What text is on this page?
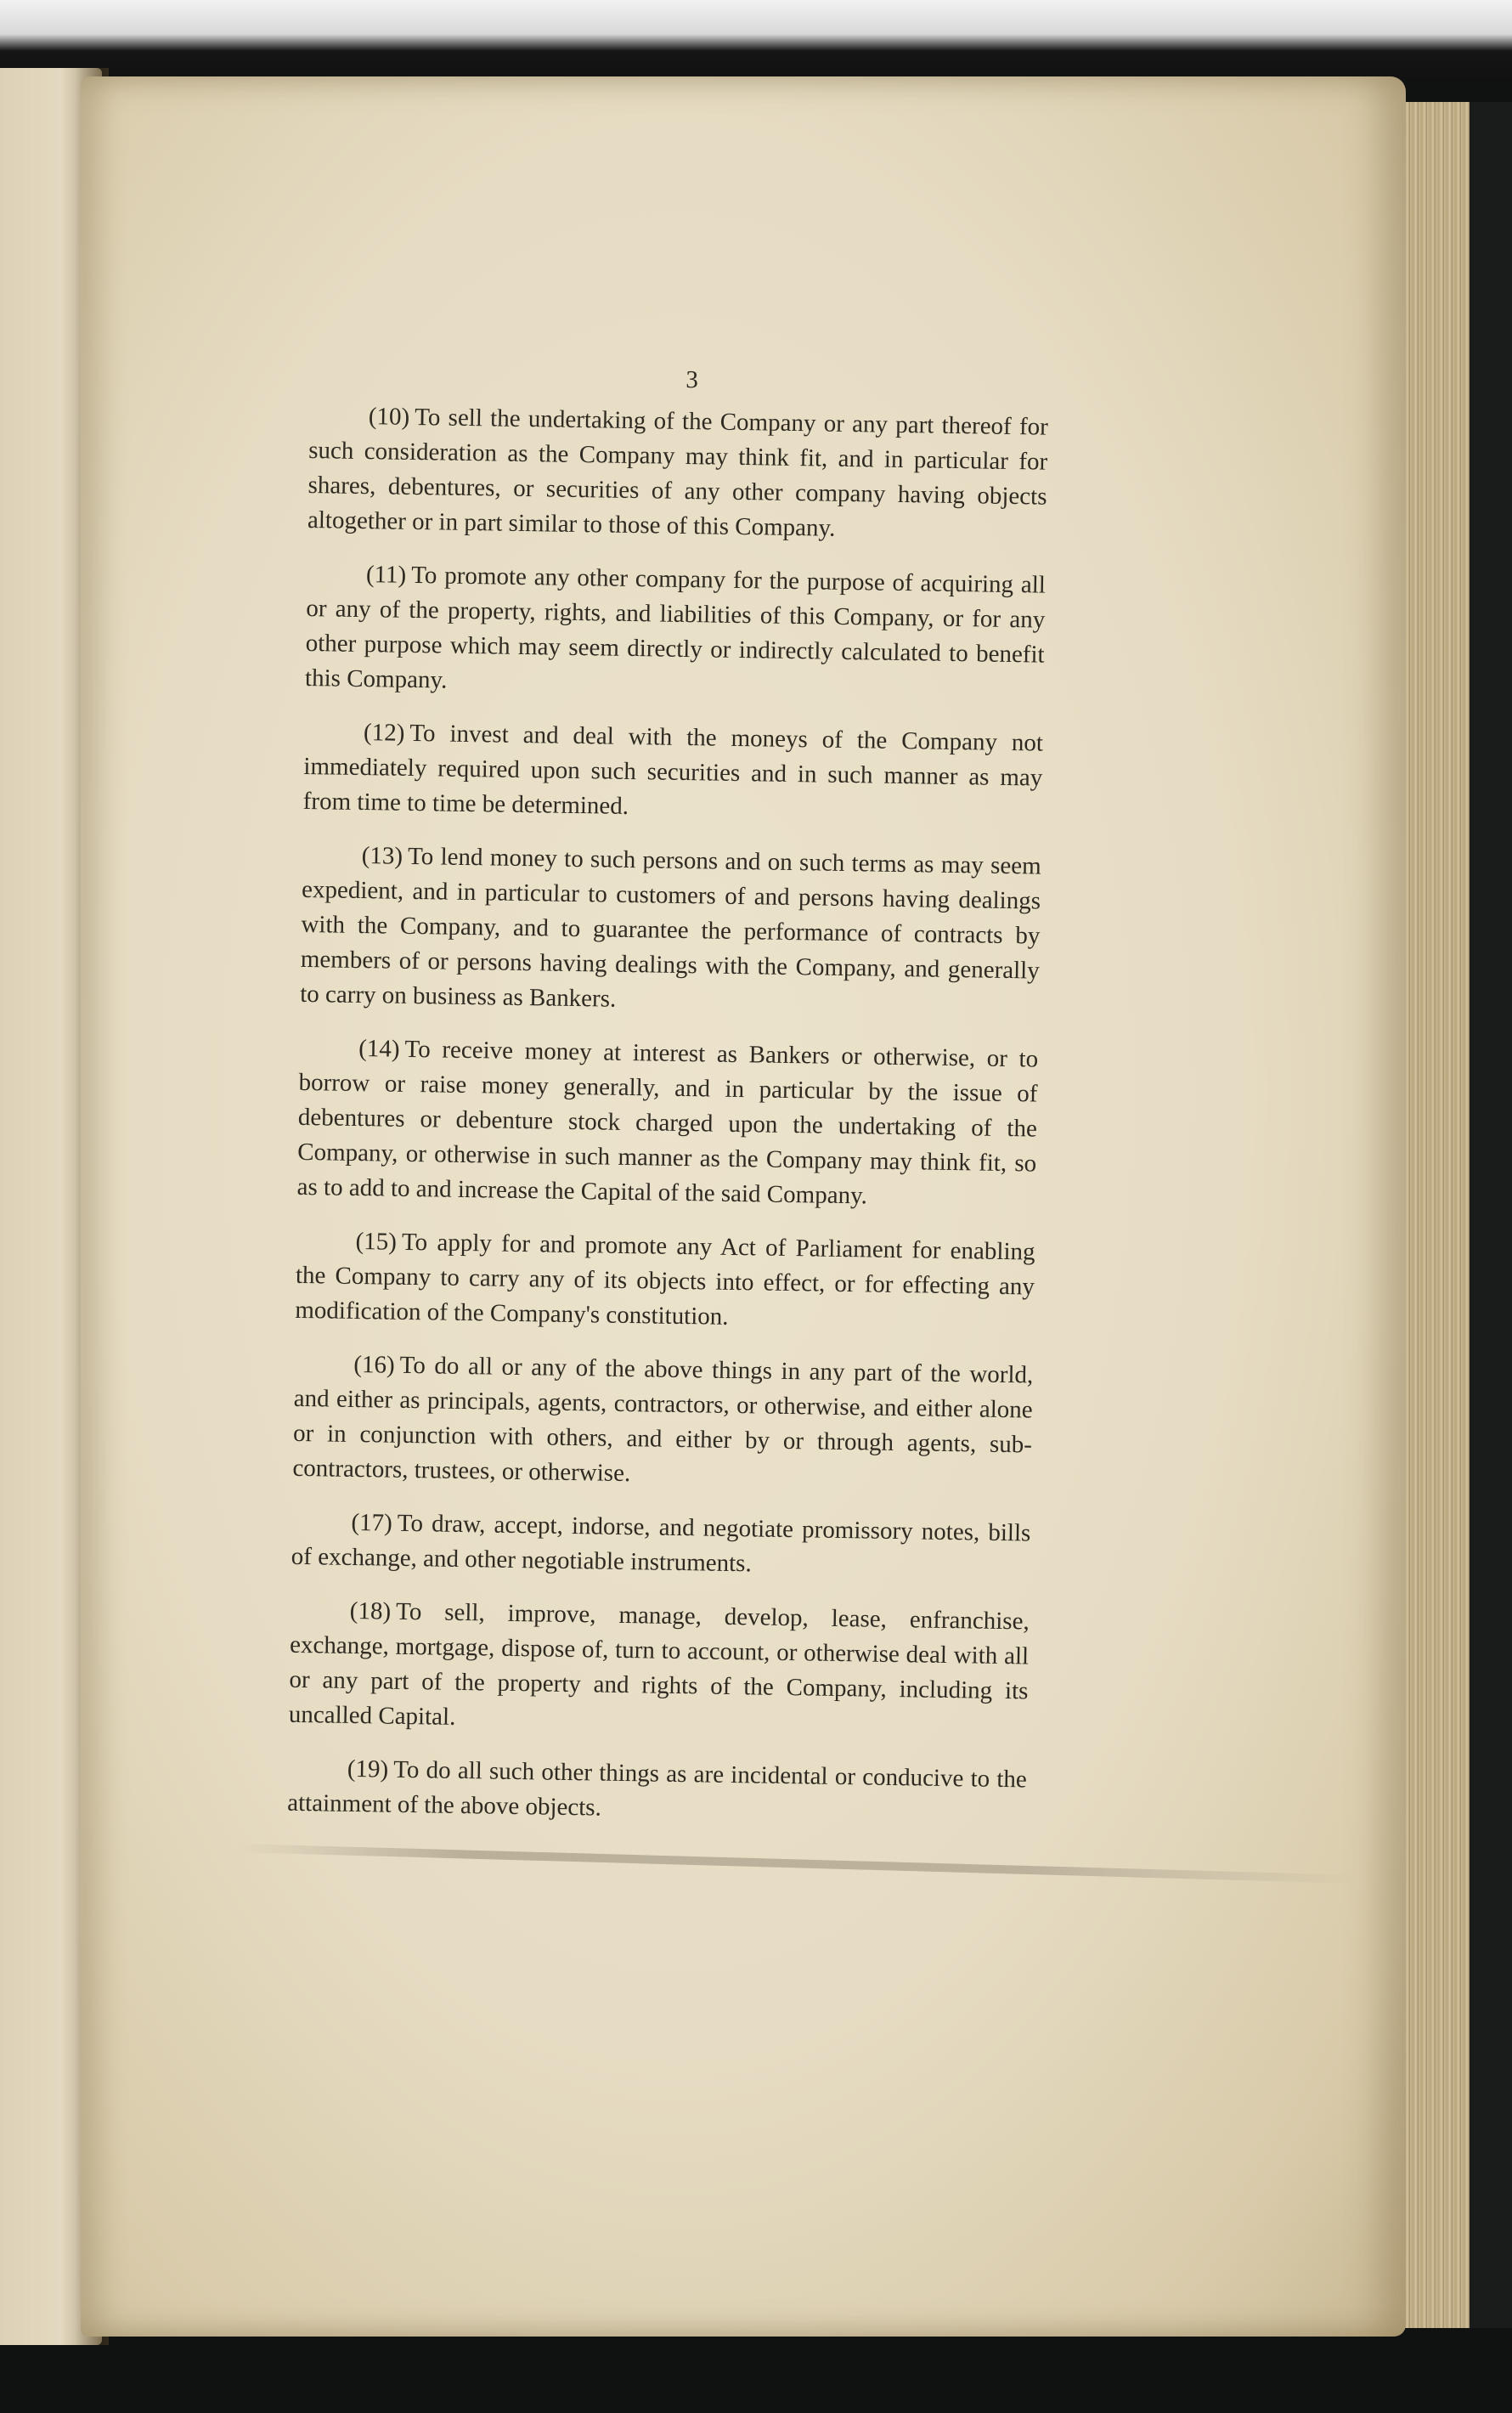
3

(10) To sell the undertaking of the Company or any part thereof for such consideration as the Company may think fit, and in particular for shares, debentures, or securities of any other company having objects altogether or in part similar to those of this Company.

(11) To promote any other company for the purpose of acquiring all or any of the property, rights, and liabilities of this Company, or for any other purpose which may seem directly or indirectly calculated to benefit this Company.

(12) To invest and deal with the moneys of the Company not immediately required upon such securities and in such manner as may from time to time be determined.

(13) To lend money to such persons and on such terms as may seem expedient, and in particular to customers of and persons having dealings with the Company, and to guarantee the performance of contracts by members of or persons having dealings with the Company, and generally to carry on business as Bankers.

(14) To receive money at interest as Bankers or otherwise, or to borrow or raise money generally, and in particular by the issue of debentures or debenture stock charged upon the undertaking of the Company, or otherwise in such manner as the Company may think fit, so as to add to and increase the Capital of the said Company.

(15) To apply for and promote any Act of Parliament for enabling the Company to carry any of its objects into effect, or for effecting any modification of the Company's constitution.

(16) To do all or any of the above things in any part of the world, and either as principals, agents, contractors, or otherwise, and either alone or in conjunction with others, and either by or through agents, sub-contractors, trustees, or otherwise.

(17) To draw, accept, indorse, and negotiate promissory notes, bills of exchange, and other negotiable instruments.

(18) To sell, improve, manage, develop, lease, enfranchise, exchange, mortgage, dispose of, turn to account, or otherwise deal with all or any part of the property and rights of the Company, including its uncalled Capital.

(19) To do all such other things as are incidental or conducive to the attainment of the above objects.
